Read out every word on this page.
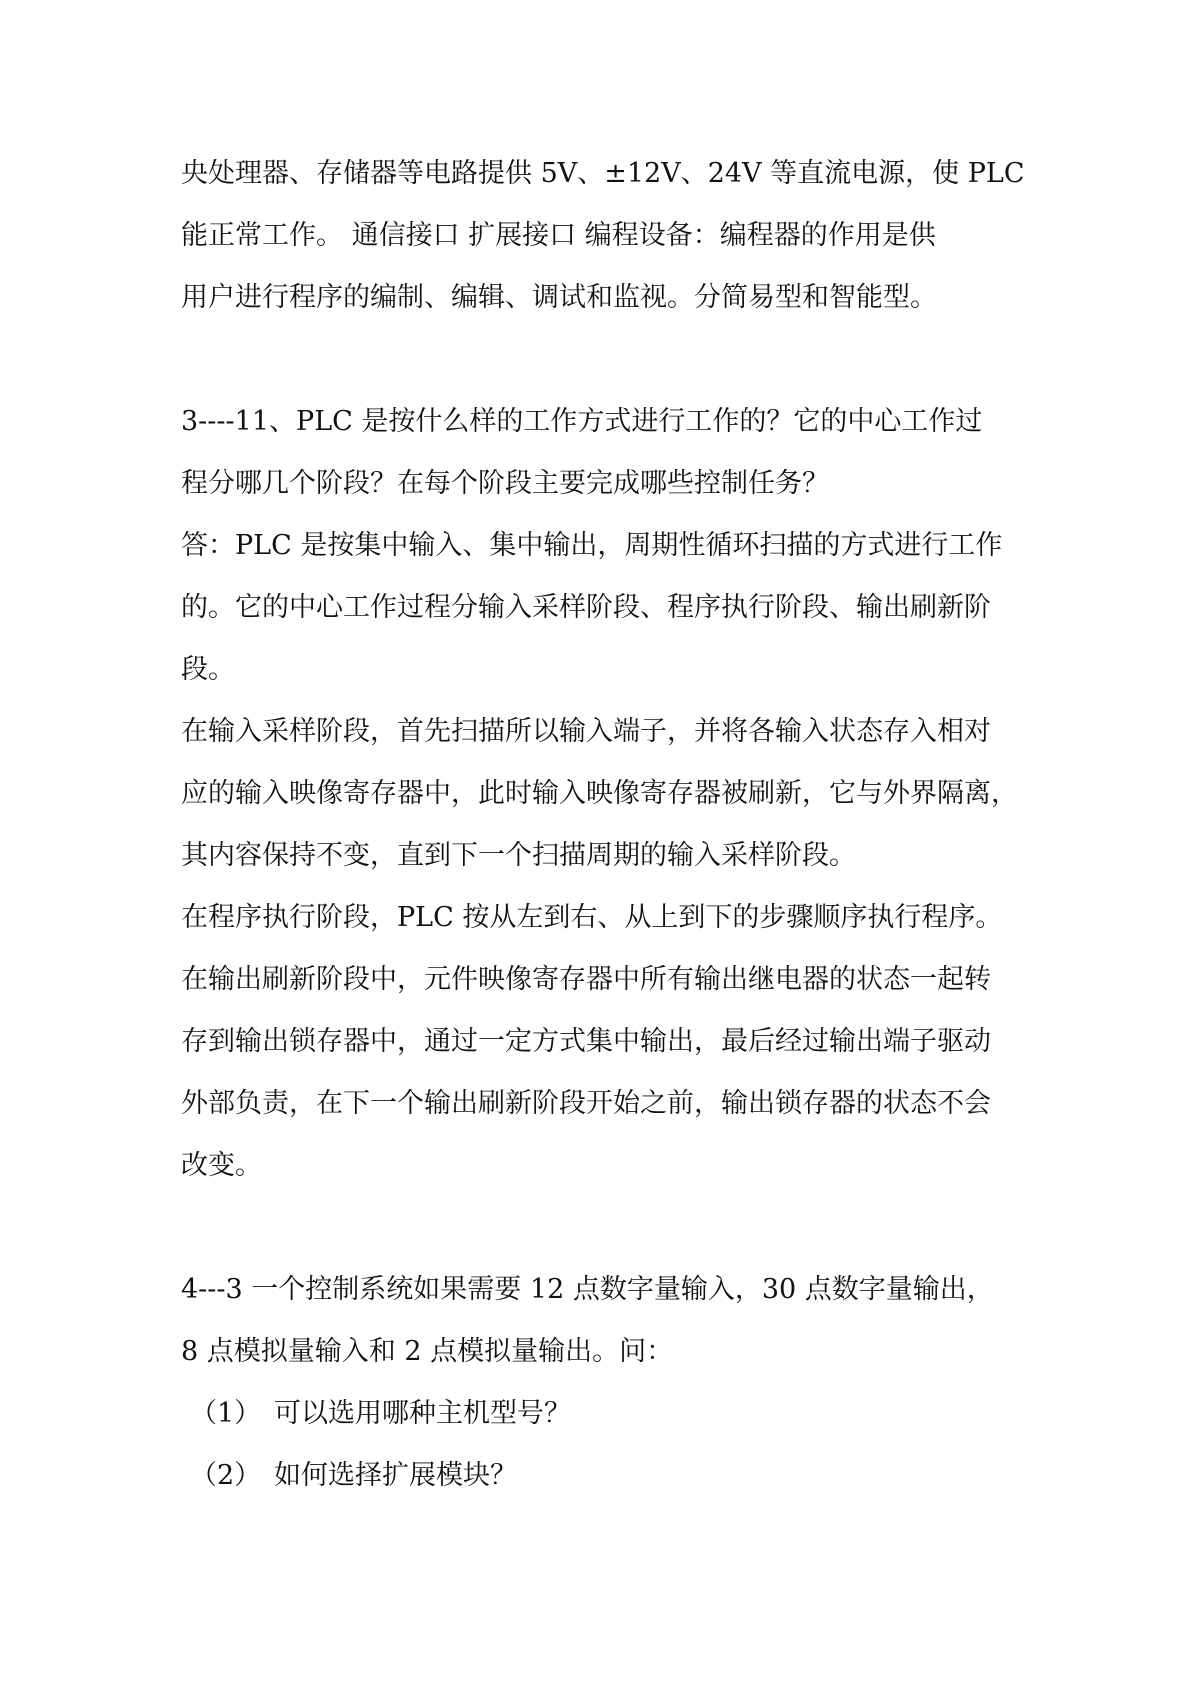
央处理器、存储器等电路提供 5V、±12V、24V 等直流电源，使 PLC
能正常工作。 通信接口 扩展接口 编程设备：编程器的作用是供
用户进行程序的编制、编辑、调试和监视。分简易型和智能型。
3----11、PLC 是按什么样的工作方式进行工作的？它的中心工作过
程分哪几个阶段？在每个阶段主要完成哪些控制任务？
答：PLC 是按集中输入、集中输出，周期性循环扫描的方式进行工作
的。它的中心工作过程分输入采样阶段、程序执行阶段、输出刷新阶
段。
在输入采样阶段，首先扫描所以输入端子，并将各输入状态存入相对
应的输入映像寄存器中，此时输入映像寄存器被刷新，它与外界隔离，
其内容保持不变，直到下一个扫描周期的输入采样阶段。
在程序执行阶段，PLC 按从左到右、从上到下的步骤顺序执行程序。
在输出刷新阶段中，元件映像寄存器中所有输出继电器的状态一起转
存到输出锁存器中，通过一定方式集中输出，最后经过输出端子驱动
外部负责，在下一个输出刷新阶段开始之前，输出锁存器的状态不会
改变。
4---3 一个控制系统如果需要 12 点数字量输入，30 点数字量输出，
8 点模拟量输入和 2 点模拟量输出。问：
（1） 可以选用哪种主机型号？
（2） 如何选择扩展模块？
